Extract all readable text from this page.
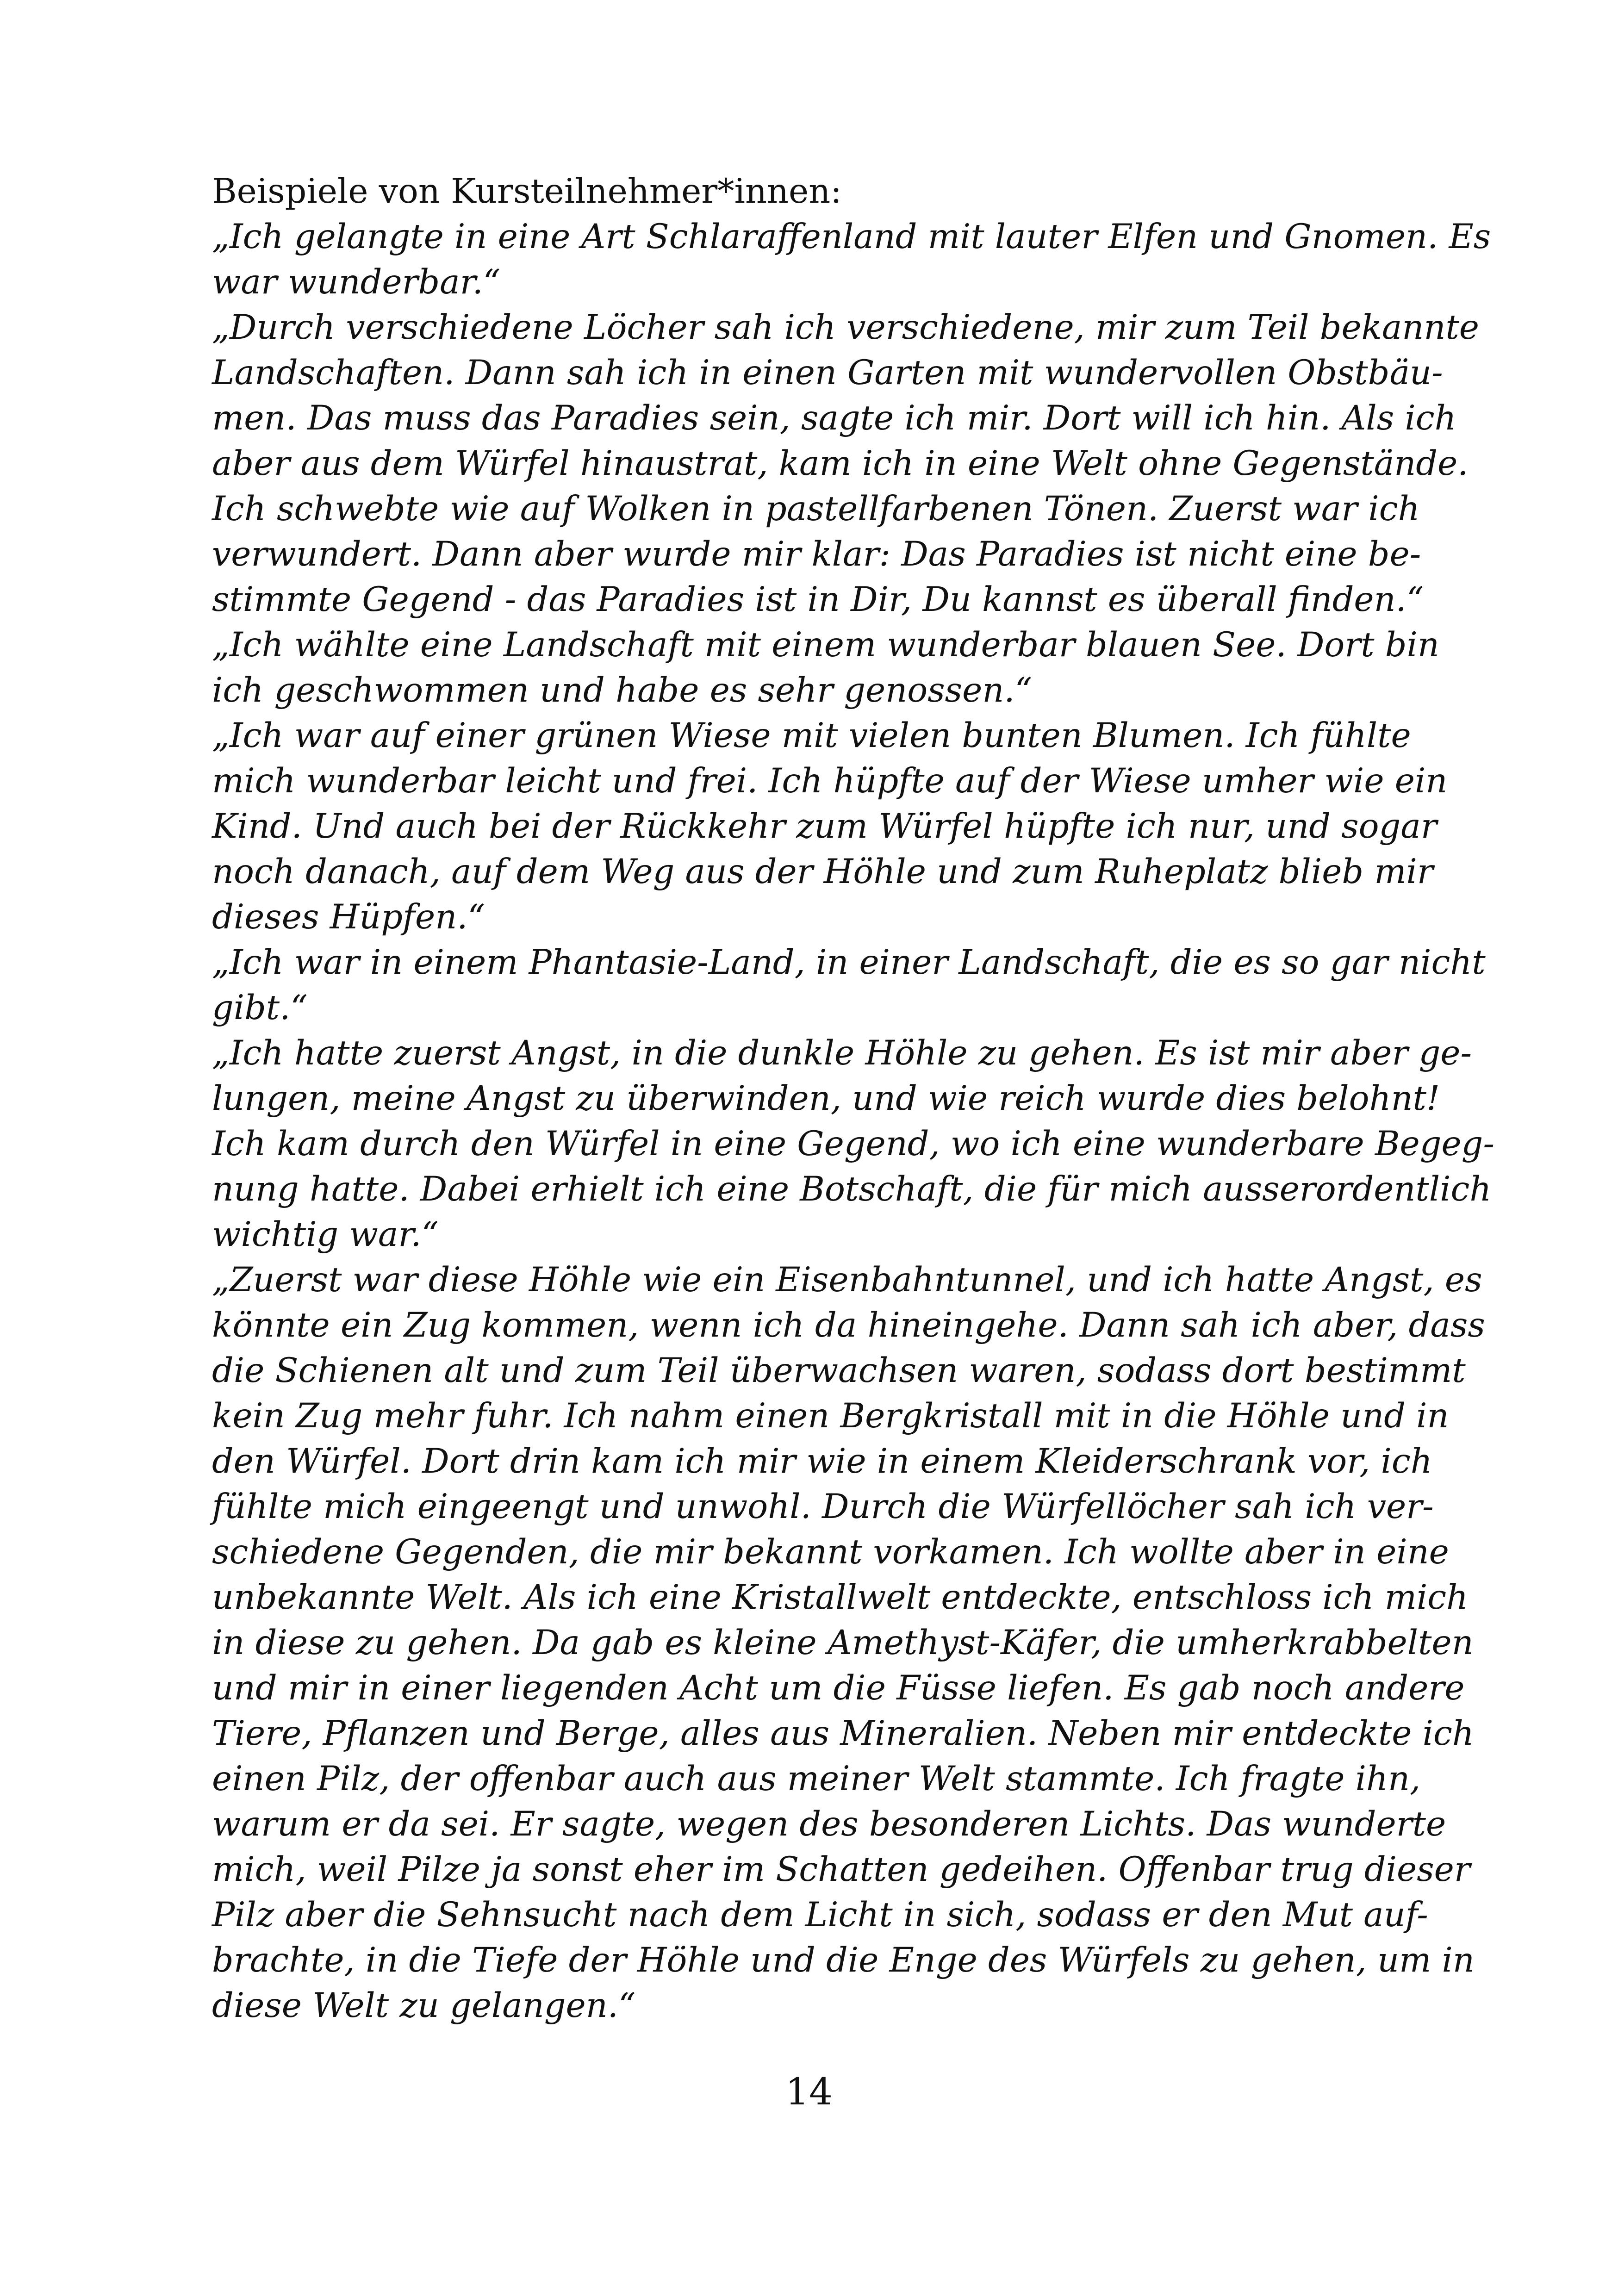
Beispiele von Kursteilnehmer*innen:
„Ich gelangte in eine Art Schlaraffenland mit lauter Elfen und Gnomen. Es
war wunderbar.“
„Durch verschiedene Löcher sah ich verschiedene, mir zum Teil bekannte
Landschaften. Dann sah ich in einen Garten mit wundervollen Obstbäu-
men. Das muss das Paradies sein, sagte ich mir. Dort will ich hin. Als ich
aber aus dem Würfel hinaustrat, kam ich in eine Welt ohne Gegenstände.
Ich schwebte wie auf Wolken in pastellfarbenen Tönen. Zuerst war ich
verwundert. Dann aber wurde mir klar: Das Paradies ist nicht eine be-
stimmte Gegend - das Paradies ist in Dir, Du kannst es überall finden.“
„Ich wählte eine Landschaft mit einem wunderbar blauen See. Dort bin
ich geschwommen und habe es sehr genossen.“
„Ich war auf einer grünen Wiese mit vielen bunten Blumen. Ich fühlte
mich wunderbar leicht und frei. Ich hüpfte auf der Wiese umher wie ein
Kind. Und auch bei der Rückkehr zum Würfel hüpfte ich nur, und sogar
noch danach, auf dem Weg aus der Höhle und zum Ruheplatz blieb mir
dieses Hüpfen.“
„Ich war in einem Phantasie-Land, in einer Landschaft, die es so gar nicht
gibt.“
„Ich hatte zuerst Angst, in die dunkle Höhle zu gehen. Es ist mir aber ge-
lungen, meine Angst zu überwinden, und wie reich wurde dies belohnt!
Ich kam durch den Würfel in eine Gegend, wo ich eine wunderbare Begeg-
nung hatte. Dabei erhielt ich eine Botschaft, die für mich ausserordentlich
wichtig war.“
„Zuerst war diese Höhle wie ein Eisenbahntunnel, und ich hatte Angst, es
könnte ein Zug kommen, wenn ich da hineingehe. Dann sah ich aber, dass
die Schienen alt und zum Teil überwachsen waren, sodass dort bestimmt
kein Zug mehr fuhr. Ich nahm einen Bergkristall mit in die Höhle und in
den Würfel. Dort drin kam ich mir wie in einem Kleiderschrank vor, ich
fühlte mich eingeengt und unwohl. Durch die Würfellöcher sah ich ver-
schiedene Gegenden, die mir bekannt vorkamen. Ich wollte aber in eine
unbekannte Welt. Als ich eine Kristallwelt entdeckte, entschloss ich mich
in diese zu gehen. Da gab es kleine Amethyst-Käfer, die umherkrabbelten
und mir in einer liegenden Acht um die Füsse liefen. Es gab noch andere
Tiere, Pflanzen und Berge, alles aus Mineralien. Neben mir entdeckte ich
einen Pilz, der offenbar auch aus meiner Welt stammte. Ich fragte ihn,
warum er da sei. Er sagte, wegen des besonderen Lichts. Das wunderte
mich, weil Pilze ja sonst eher im Schatten gedeihen. Offenbar trug dieser
Pilz aber die Sehnsucht nach dem Licht in sich, sodass er den Mut auf-
brachte, in die Tiefe der Höhle und die Enge des Würfels zu gehen, um in
diese Welt zu gelangen.“
14
